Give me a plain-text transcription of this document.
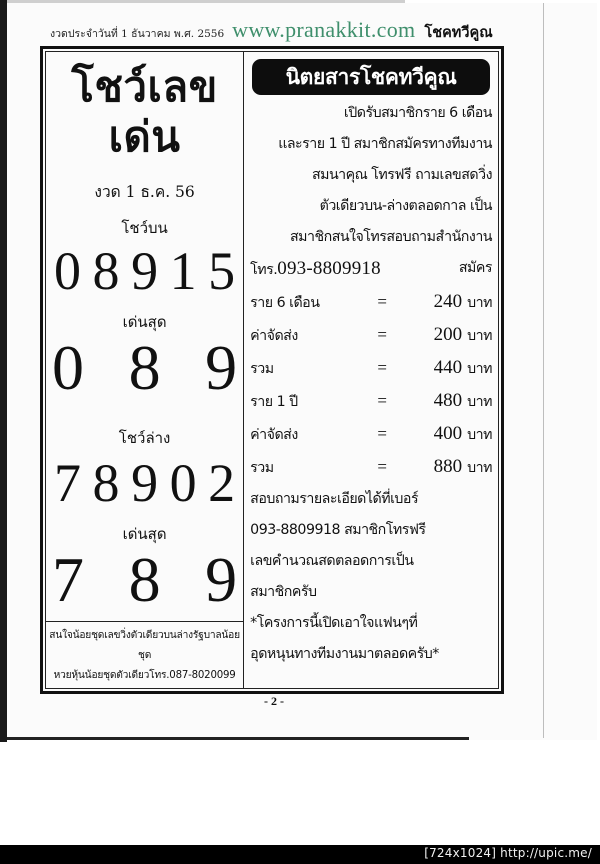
งวดประจำวันที่ 1 ธันวาคม พ.ศ. 2556 www.pranakkit.com โชคทวีคูณ
โชว์เลขเด่น
งวด 1 ธ.ค. 56
โชว์บน
0 8 9 1 5
เด่นสุด
0 8 9
โชว์ล่าง
7 8 9 0 2
เด่นสุด
7 8 9
สนใจน้อยชุดเลขวิ่งตัวเดียวบนล่างรัฐบาลน้อยชุด
หวยหุ้นน้อยชุดตัวเดียวโทร.087-8020099
นิตยสารโชคทวีคูณ
เปิดรับสมาชิกราย 6 เดือน
และราย 1 ปี สมาชิกสมัครทางทีมงาน
สมนาคุณ โทรฟรี ถามเลขสดวิ่ง
ตัวเดียวบน-ล่างตลอดกาล เป็น
สมาชิกสนใจโทรสอบถามสำนักงาน
โทร.093-8809918	สมัคร
ราย 6 เดือน	=	240 บาท
ค่าจัดส่ง	=	200 บาท
รวม	=	440 บาท
ราย 1 ปี	=	480 บาท
ค่าจัดส่ง	=	400 บาท
รวม	=	880 บาท
สอบถามรายละเอียดได้ที่เบอร์
093-8809918 สมาชิกโทรฟรี
เลขคำนวณสดตลอดการเป็น
สมาชิกครับ
*โครงการนี้เปิดเอาใจแฟนๆที่
อุดหนุนทางทีมงานมาตลอดครับ*
- 2 -
[724x1024] http://upic.me/
